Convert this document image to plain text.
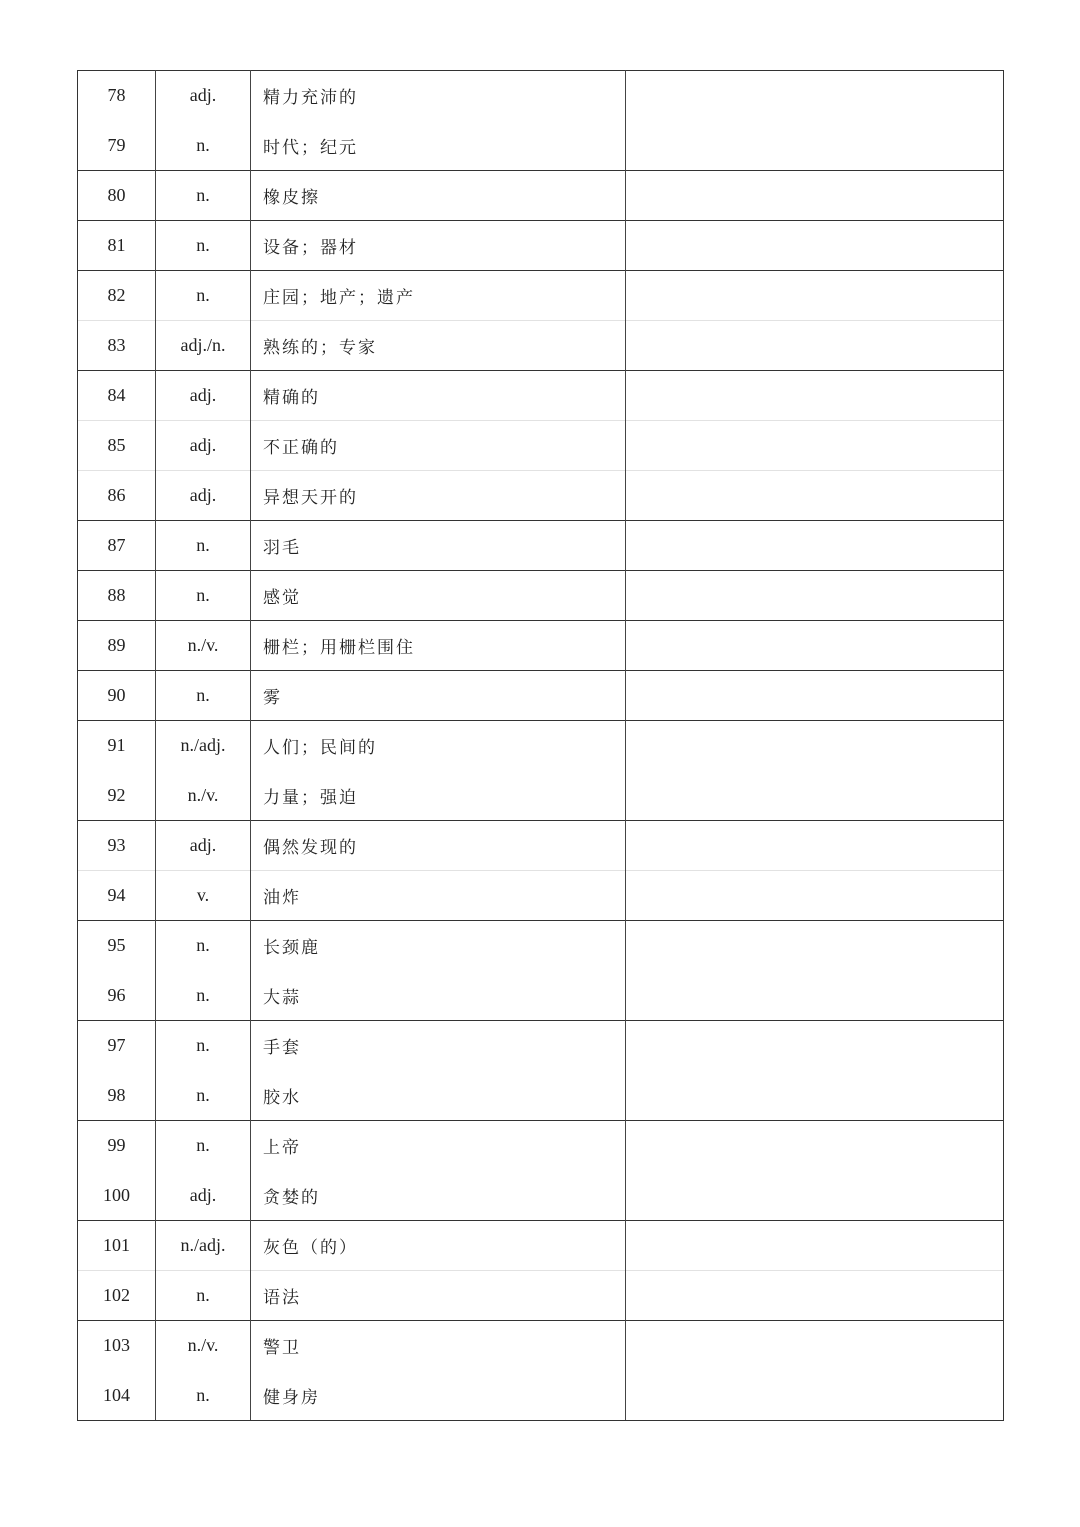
78	adj.	精力充沛的	
79	n.	时代；纪元	
80	n.	橡皮擦	
81	n.	设备；器材	
82	n.	庄园；地产；遗产	
83	adj./n.	熟练的；专家	
84	adj.	精确的	
85	adj.	不正确的	
86	adj.	异想天开的	
87	n.	羽毛	
88	n.	感觉	
89	n./v.	栅栏；用栅栏围住	
90	n.	雾	
91	n./adj.	人们；民间的	
92	n./v.	力量；强迫	
93	adj.	偶然发现的	
94	v.	油炸	
95	n.	长颈鹿	
96	n.	大蒜	
97	n.	手套	
98	n.	胶水	
99	n.	上帝	
100	adj.	贪婪的	
101	n./adj.	灰色（的）	
102	n.	语法	
103	n./v.	警卫	
104	n.	健身房	
